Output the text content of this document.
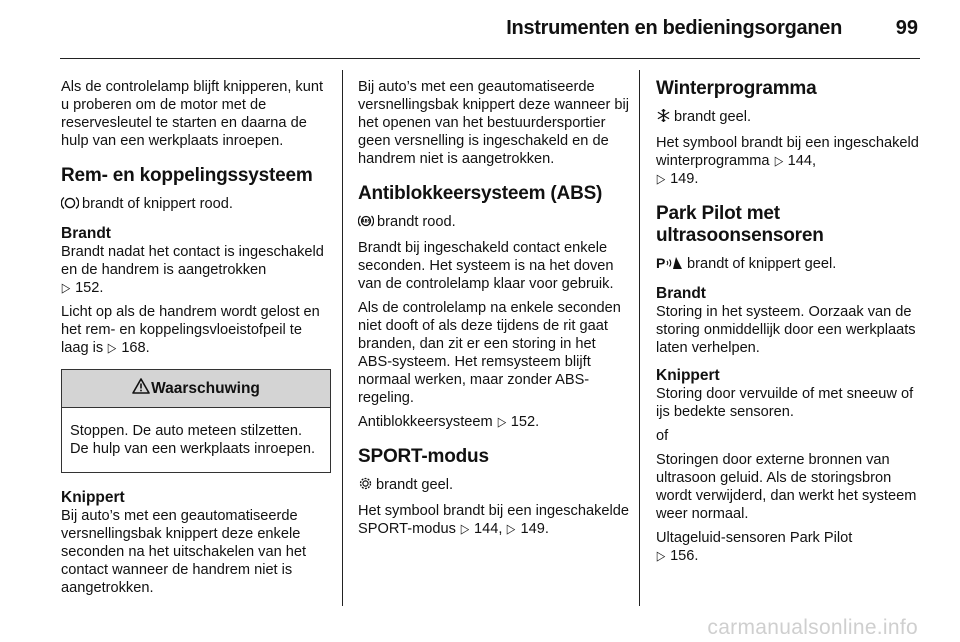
Instrumenten en bedieningsorganen	99

Als de controlelamp blijft knipperen, kunt u proberen om de motor met de reservesleutel te starten en daarna de hulp van een werkplaats inroepen.

Rem- en koppelingssysteem

brandt of knippert rood.

Brandt

Brandt nadat het contact is ingeschakeld en de handrem is aangetrokken

▷ 152.

Licht op als de handrem wordt gelost en het rem- en koppelingsvloeistofpeil te laag is ▷ 168.

Waarschuwing
Stoppen. De auto meteen stilzetten. De hulp van een werkplaats inroepen.
Knippert

Bij auto’s met een geautomatiseerde versnellingsbak knippert deze enkele seconden na het uitschakelen van het contact wanneer de handrem niet is aangetrokken.

Bij auto’s met een geautomatiseerde versnellingsbak knippert deze wanneer bij het openen van het bestuurdersportier geen versnelling is ingeschakeld en de handrem niet is aangetrokken.

Antiblokkeersysteem (ABS)

ABS brandt rood.

Brandt bij ingeschakeld contact enkele seconden. Het systeem is na het doven van de controlelamp klaar voor gebruik.

Als de controlelamp na enkele seconden niet dooft of als deze tijdens de rit gaat branden, dan zit er een storing in het ABS-systeem. Het remsysteem blijft normaal werken, maar zonder ABS-regeling.

Antiblokkeersysteem ▷ 152.

SPORT-modus

brandt geel.

Het symbool brandt bij een ingeschakelde SPORT-modus ▷ 144, ▷ 149.

Winterprogramma

brandt geel.

Het symbool brandt bij een ingeschakeld winterprogramma ▷ 144,

▷ 149.

Park Pilot met
ultrasoonsensoren

P brandt of knippert geel.

Brandt

Storing in het systeem. Oorzaak van de storing onmiddellijk door een werkplaats laten verhelpen.

Knippert

Storing door vervuilde of met sneeuw of ijs bedekte sensoren.

of

Storingen door externe bronnen van ultrasoon geluid. Als de storingsbron wordt verwijderd, dan werkt het systeem weer normaal.

Ultageluid-sensoren Park Pilot

▷ 156.

carmanualsonline.info
